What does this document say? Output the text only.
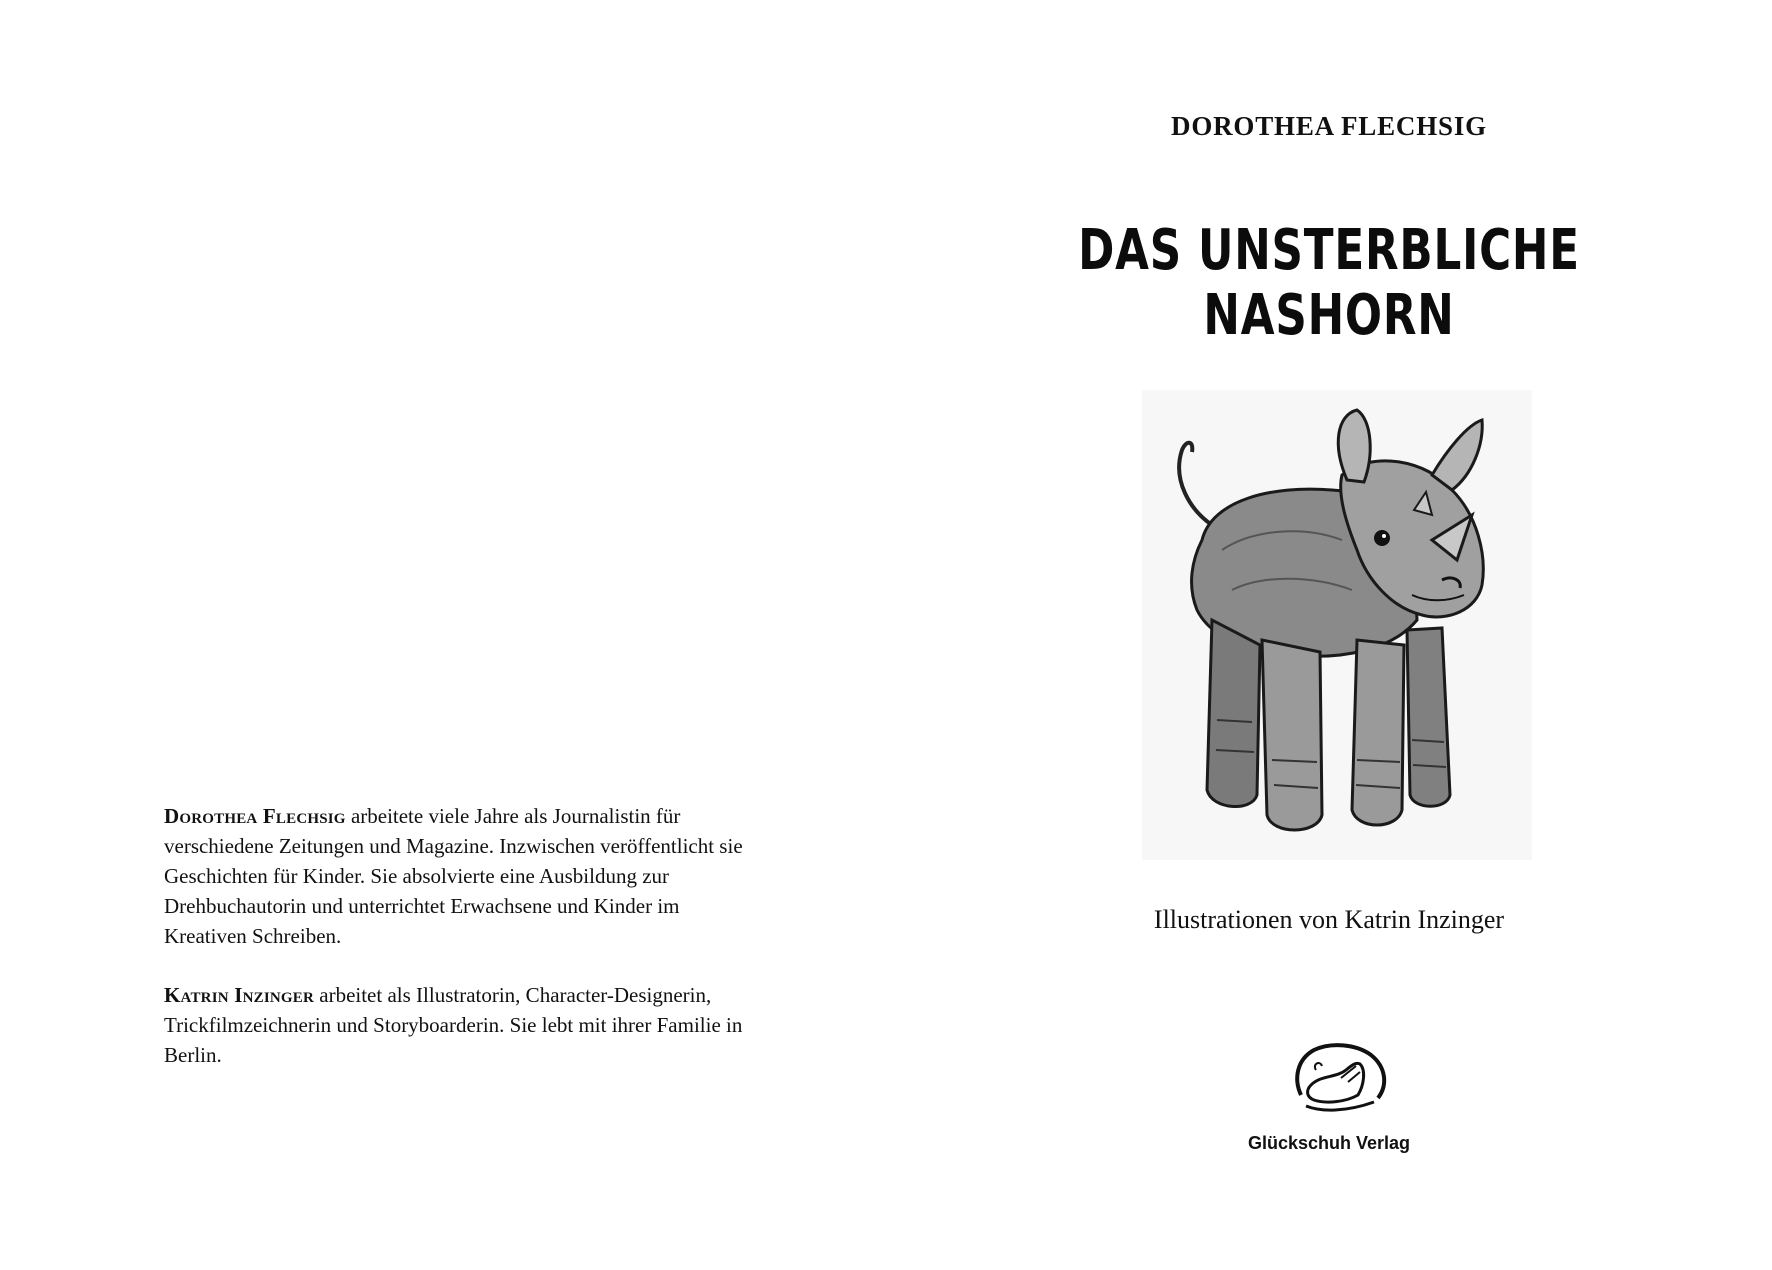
Dorothea Flechsig arbeitete viele Jahre als Journalistin für verschiedene Zeitungen und Magazine. Inzwischen veröffentlicht sie Geschichten für Kinder. Sie absolvierte eine Ausbildung zur Drehbuchautorin und unterrichtet Erwachsene und Kinder im Kreativen Schreiben.

Katrin Inzinger arbeitet als Illustratorin, Character-Designerin, Trickfilmzeichnerin und Storyboarderin. Sie lebt mit ihrer Familie in Berlin.

DOROTHEA FLECHSIG
DAS UNSTERBLICHE NASHORN
Illustrationen von Katrin Inzinger
Glückschuh Verlag
